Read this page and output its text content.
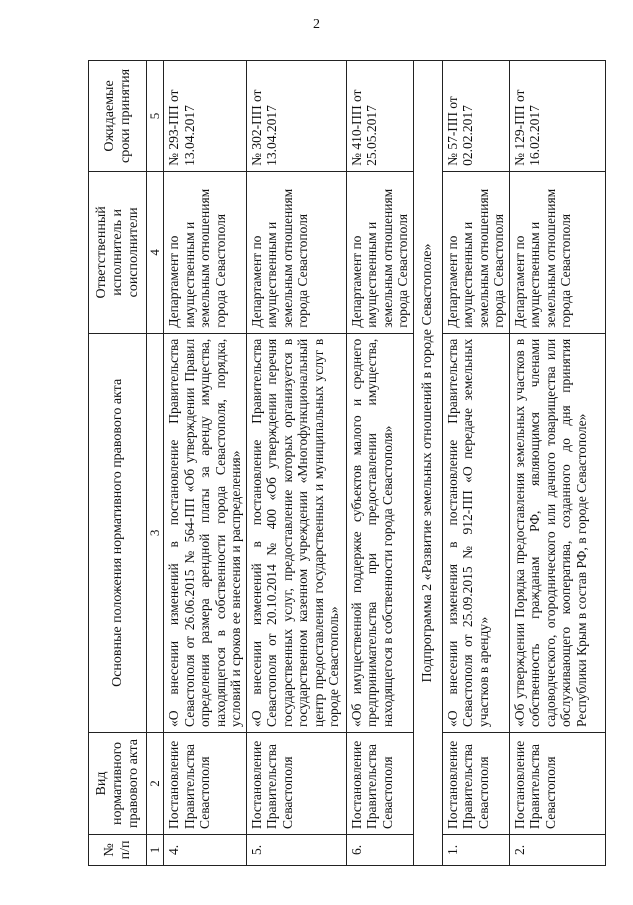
2
№ п/п	Вид нормативного правового акта	Основные положения нормативного правового акта	Ответственный исполнитель и соисполнители	Ожидаемые сроки принятия
1	2	3	4	5
4.	Постановление Правительства Севастополя	«О внесении изменений в постановление Правительства Севастополя от 26.06.2015 № 564-ПП «Об утверждении Правил определения размера арендной платы за аренду имущества, находящегося в собственности города Севастополя, порядка, условий и сроков ее внесения и распределения»	Департамент по имущественным и земельным отношениям города Севастополя	№ 293-ПП от 13.04.2017
5.	Постановление Правительства Севастополя	«О внесении изменений в постановление Правительства Севастополя от 20.10.2014 № 400 «Об утверждении перечня государственных услуг, предоставление которых организуется в государственном казенном учреждении «Многофункциональный центр предоставления государственных и муниципальных услуг в городе Севастополь»	Департамент по имущественным и земельным отношениям города Севастополя	№ 302-ПП от 13.04.2017
6.	Постановление Правительства Севастополя	«Об имущественной поддержке субъектов малого и среднего предпринимательства при предоставлении имущества, находящегося в собственности города Севастополя»	Департамент по имущественным и земельным отношениям города Севастополя	№ 410-ПП от 25.05.2017
Подпрограмма 2 «Развитие земельных отношений в городе Севастополе»				
1.	Постановление Правительства Севастополя	«О внесении изменения в постановление Правительства Севастополя от 25.09.2015 № 912-ПП «О передаче земельных участков в аренду»	Департамент по имущественным и земельным отношениям города Севастополя	№ 57-ПП от 02.02.2017
2.	Постановление Правительства Севастополя	«Об утверждении Порядка предоставления земельных участков в собственность гражданам РФ, являющимся членами садоводческого, огороднического или дачного товарищества или обслуживающего кооператива, созданного до дня принятия Республики Крым в состав РФ, в городе Севастополе»	Департамент по имущественным и земельным отношениям города Севастополя	№ 129-ПП от 16.02.2017
